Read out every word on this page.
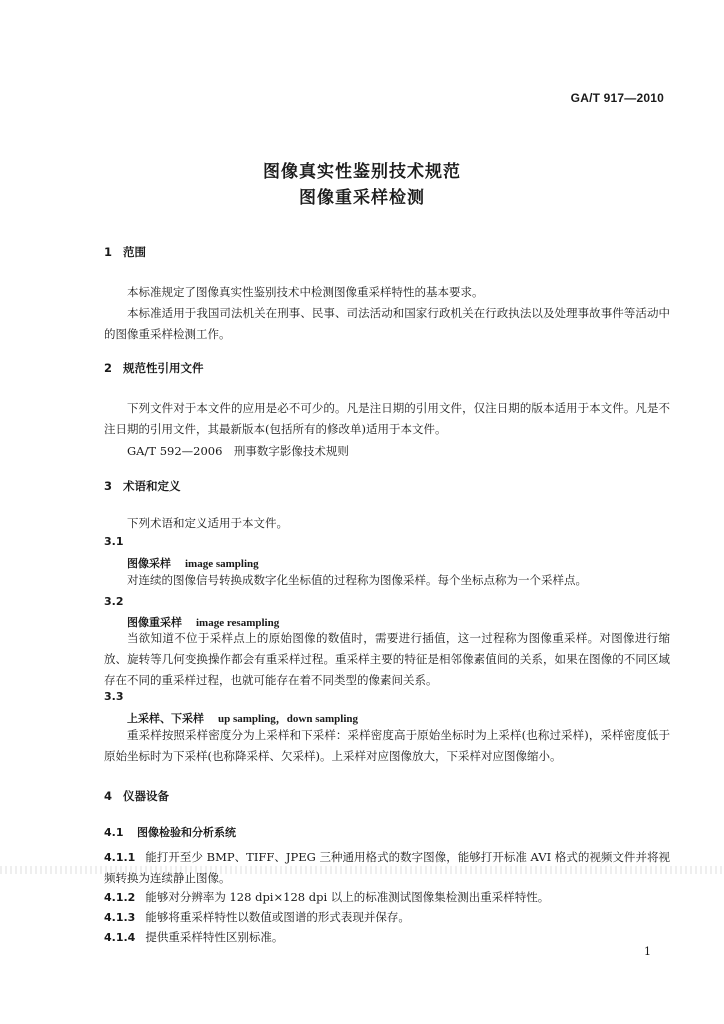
GA/T 917—2010
图像真实性鉴别技术规范
图像重采样检测
1 范围

本标准规定了图像真实性鉴别技术中检测图像重采样特性的基本要求。

本标准适用于我国司法机关在刑事、民事、司法活动和国家行政机关在行政执法以及处理事故事件等活动中的图像重采样检测工作。

2 规范性引用文件

下列文件对于本文件的应用是必不可少的。凡是注日期的引用文件，仅注日期的版本适用于本文件。凡是不注日期的引用文件，其最新版本(包括所有的修改单)适用于本文件。

GA/T 592—2006　刑事数字影像技术规则
3 术语和定义
下列术语和定义适用于本文件。
3.1
图像采样 image sampling

对连续的图像信号转换成数字化坐标值的过程称为图像采样。每个坐标点称为一个采样点。

3.2
图像重采样 image resampling

当欲知道不位于采样点上的原始图像的数值时，需要进行插值，这一过程称为图像重采样。对图像进行缩放、旋转等几何变换操作都会有重采样过程。重采样主要的特征是相邻像素值间的关系，如果在图像的不同区域存在不同的重采样过程，也就可能存在着不同类型的像素间关系。

3.3
上采样、下采样 up sampling，down sampling

重采样按照采样密度分为上采样和下采样：采样密度高于原始坐标时为上采样(也称过采样)，采样密度低于原始坐标时为下采样(也称降采样、欠采样)。上采样对应图像放大，下采样对应图像缩小。

4 仪器设备
4.1 图像检验和分析系统

4.1.1 能打开至少 BMP、TIFF、JPEG 三种通用格式的数字图像，能够打开标准 AVI 格式的视频文件并将视频转换为连续静止图像。

4.1.2 能够对分辨率为 128 dpi×128 dpi 以上的标准测试图像集检测出重采样特性。

4.1.3 能够将重采样特性以数值或图谱的形式表现并保存。

4.1.4 提供重采样特性区别标准。

1
